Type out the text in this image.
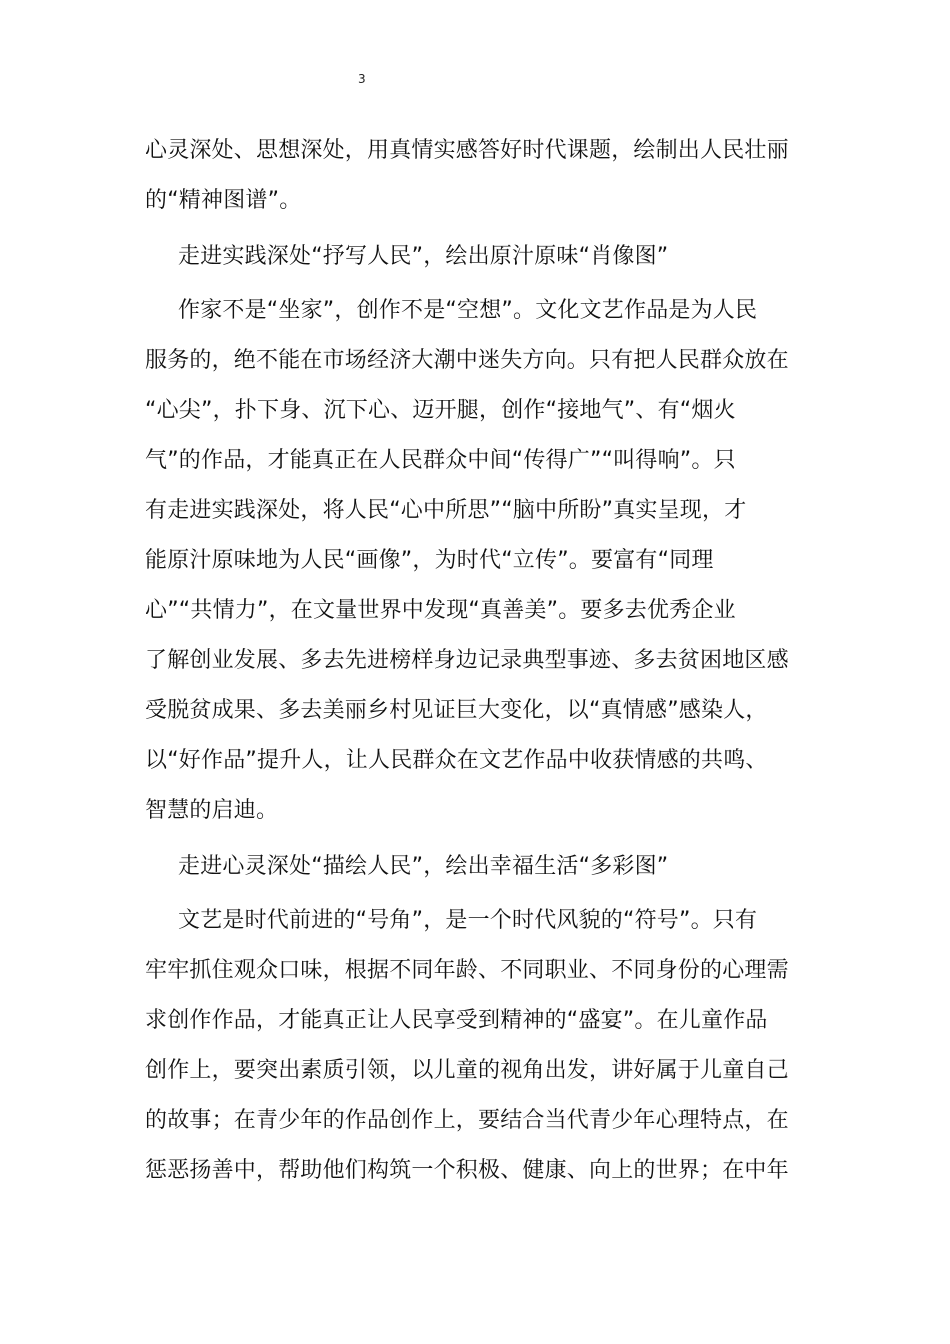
3
心灵深处、思想深处，用真情实感答好时代课题，绘制出人民壮丽
的“精神图谱”。
走进实践深处“抒写人民”，绘出原汁原味“肖像图”
作家不是“坐家”，创作不是“空想”。文化文艺作品是为人民
服务的，绝不能在市场经济大潮中迷失方向。只有把人民群众放在
“心尖”，扑下身、沉下心、迈开腿，创作“接地气”、有“烟火
气”的作品，才能真正在人民群众中间“传得广”“叫得响”。只
有走进实践深处，将人民“心中所思”“脑中所盼”真实呈现，才
能原汁原味地为人民“画像”，为时代“立传”。要富有“同理
心”“共情力”，在文量世界中发现“真善美”。要多去优秀企业
了解创业发展、多去先进榜样身边记录典型事迹、多去贫困地区感
受脱贫成果、多去美丽乡村见证巨大变化，以“真情感”感染人，
以“好作品”提升人，让人民群众在文艺作品中收获情感的共鸣、
智慧的启迪。
走进心灵深处“描绘人民”，绘出幸福生活“多彩图”
文艺是时代前进的“号角”，是一个时代风貌的“符号”。只有
牢牢抓住观众口味，根据不同年龄、不同职业、不同身份的心理需
求创作作品，才能真正让人民享受到精神的“盛宴”。在儿童作品
创作上，要突出素质引领，以儿童的视角出发，讲好属于儿童自己
的故事；在青少年的作品创作上，要结合当代青少年心理特点，在
惩恶扬善中，帮助他们构筑一个积极、健康、向上的世界；在中年
